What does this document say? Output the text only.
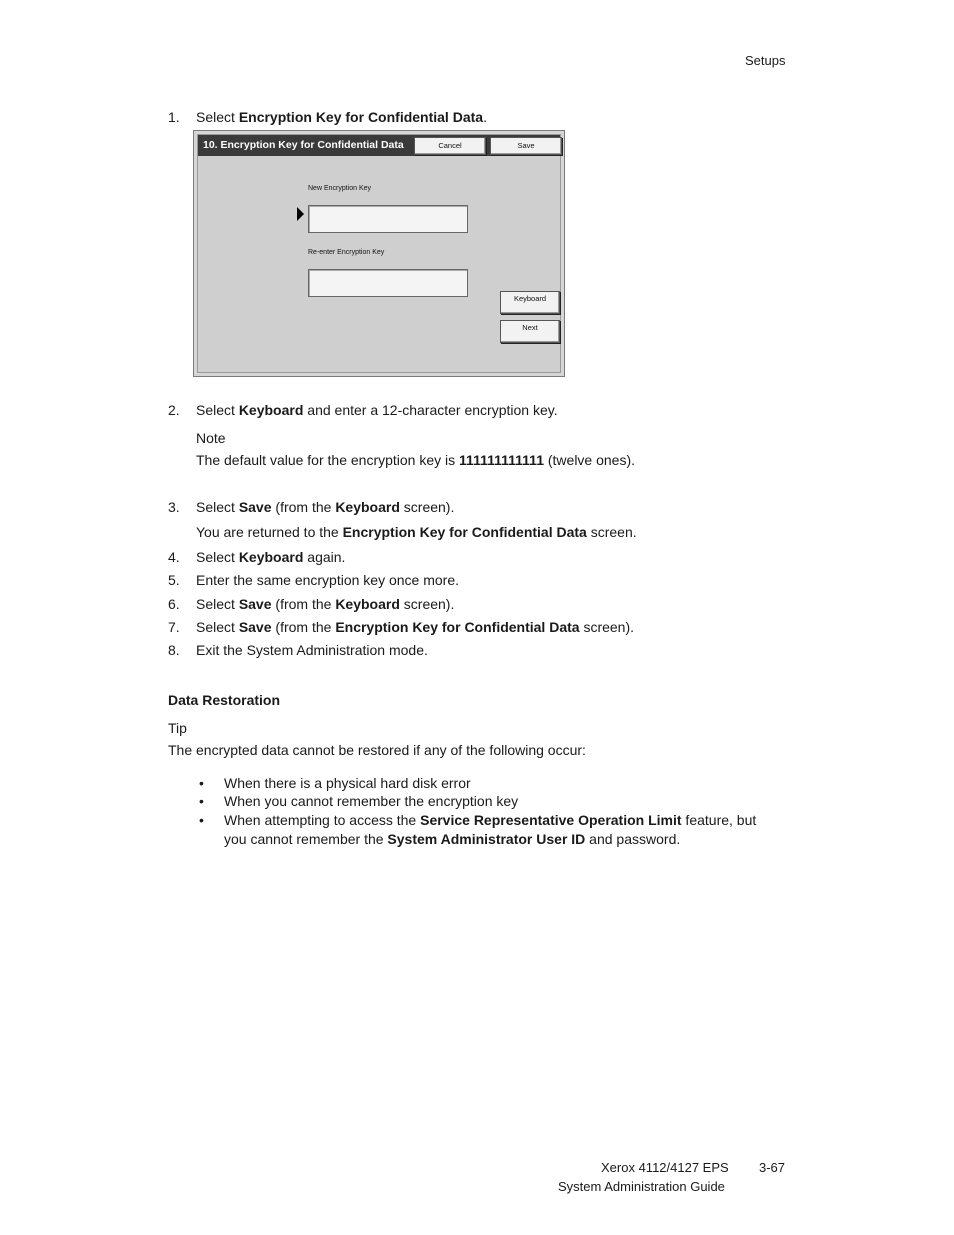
Setups
1. Select Encryption Key for Confidential Data.
10. Encryption Key for Confidential Data	Cancel	Save
New Encryption Key
Re-enter Encryption Key
Keyboard
Next
2. Select Keyboard and enter a 12-character encryption key.
Note
The default value for the encryption key is 111111111111 (twelve ones).
3. Select Save (from the Keyboard screen).
You are returned to the Encryption Key for Confidential Data screen.
4. Select Keyboard again.
5. Enter the same encryption key once more.
6. Select Save (from the Keyboard screen).
7. Select Save (from the Encryption Key for Confidential Data screen).
8. Exit the System Administration mode.
Data Restoration
Tip
The encrypted data cannot be restored if any of the following occur:
• When there is a physical hard disk error
• When you cannot remember the encryption key
• When attempting to access the Service Representative Operation Limit feature, but
you cannot remember the System Administrator User ID and password.
Xerox 4112/4127 EPS 3-67
System Administration Guide
